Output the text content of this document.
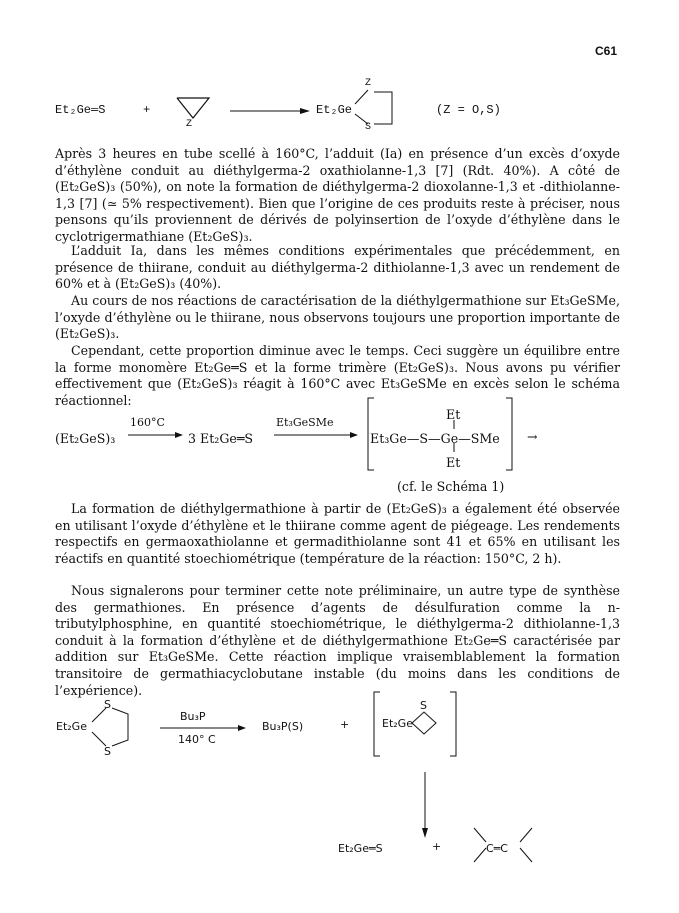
C61
Et₂Ge═S	+
Z
Et₂Ge
Z
S
(Z = O,S)

Après 3 heures en tube scellé à 160°C, l’adduit (Ia) en présence d’un excès d’oxyde d’éthylène conduit au diéthylgerma-2 oxathiolanne-1,3 [7] (Rdt. 40%). A côté de (Et₂GeS)₃ (50%), on note la formation de diéthylgerma-2 dioxolanne-1,3 et -dithiolanne-1,3 [7] (≃ 5% respectivement). Bien que l’origine de ces produits reste à préciser, nous pensons qu’ils proviennent de dérivés de polyinsertion de l’oxyde d’éthylène dans le cyclotrigermathiane (Et₂GeS)₃.

L’adduit Ia, dans les mêmes conditions expérimentales que précédemment, en présence de thiirane, conduit au diéthylgerma-2 dithiolanne-1,3 avec un rendement de 60% et à (Et₂GeS)₃ (40%).

Au cours de nos réactions de caractérisation de la diéthylgermathione sur Et₃GeSMe, l’oxyde d’éthylène ou le thiirane, nous observons toujours une proportion importante de (Et₂GeS)₃.

Cependant, cette proportion diminue avec le temps. Ceci suggère un équilibre entre la forme monomère Et₂Ge═S et la forme trimère (Et₂GeS)₃. Nous avons pu vérifier effectivement que (Et₂GeS)₃ réagit à 160°C avec Et₃GeSMe en excès selon le schéma réactionnel:

(Et₂GeS)₃
160°C
3 Et₂Ge═S
Et₃GeSMe
Et
Et₃Ge—S—Ge—SMe
Et
→
(cf. le Schéma 1)

La formation de diéthylgermathione à partir de (Et₂GeS)₃ a également été observée en utilisant l’oxyde d’éthylène et le thiirane comme agent de piégeage. Les rendements respectifs en germaoxathiolanne et germadithiolanne sont 41 et 65% en utilisant les réactifs en quantité stoechiométrique (température de la réaction: 150°C, 2 h).

Nous signalerons pour terminer cette note préliminaire, un autre type de synthèse des germathiones. En présence d’agents de désulfuration comme la n-tributylphosphine, en quantité stoechiométrique, le diéthylgerma-2 dithiolanne-1,3 conduit à la formation d’éthylène et de diéthylgermathione Et₂Ge═S caractérisée par addition sur Et₃GeSMe. Cette réaction implique vraisemblablement la formation transitoire de germathiacyclobutane instable (du moins dans les conditions de l’expérience).

Et₂Ge
S
S
Bu₃P
140° C
Bu₃P(S)	+	Et₂Ge
S
Et₂Ge═S	+	C═C
